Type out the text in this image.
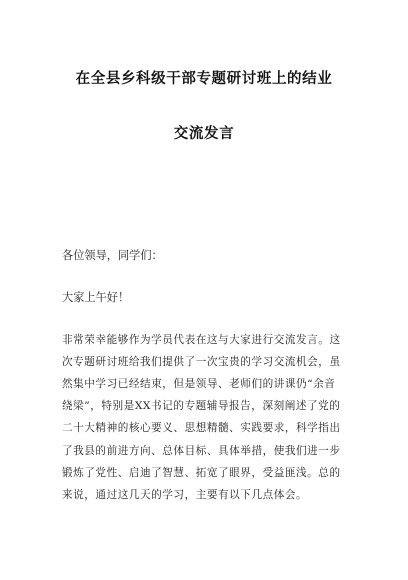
在全县乡科级干部专题研讨班上的结业
交流发言
各位领导，同学们：
大家上午好！
非常荣幸能够作为学员代表在这与大家进行交流发言。这
次专题研讨班给我们提供了一次宝贵的学习交流机会，虽
然集中学习已经结束，但是领导、老师们的讲课仍“余音
绕梁”，特别是XX书记的专题辅导报告，深刻阐述了党的
二十大精神的核心要义、思想精髓、实践要求，科学指出
了我县的前进方向、总体目标、具体举措，使我们进一步
锻炼了党性、启迪了智慧、拓宽了眼界，受益匪浅。总的
来说，通过这几天的学习，主要有以下几点体会。
